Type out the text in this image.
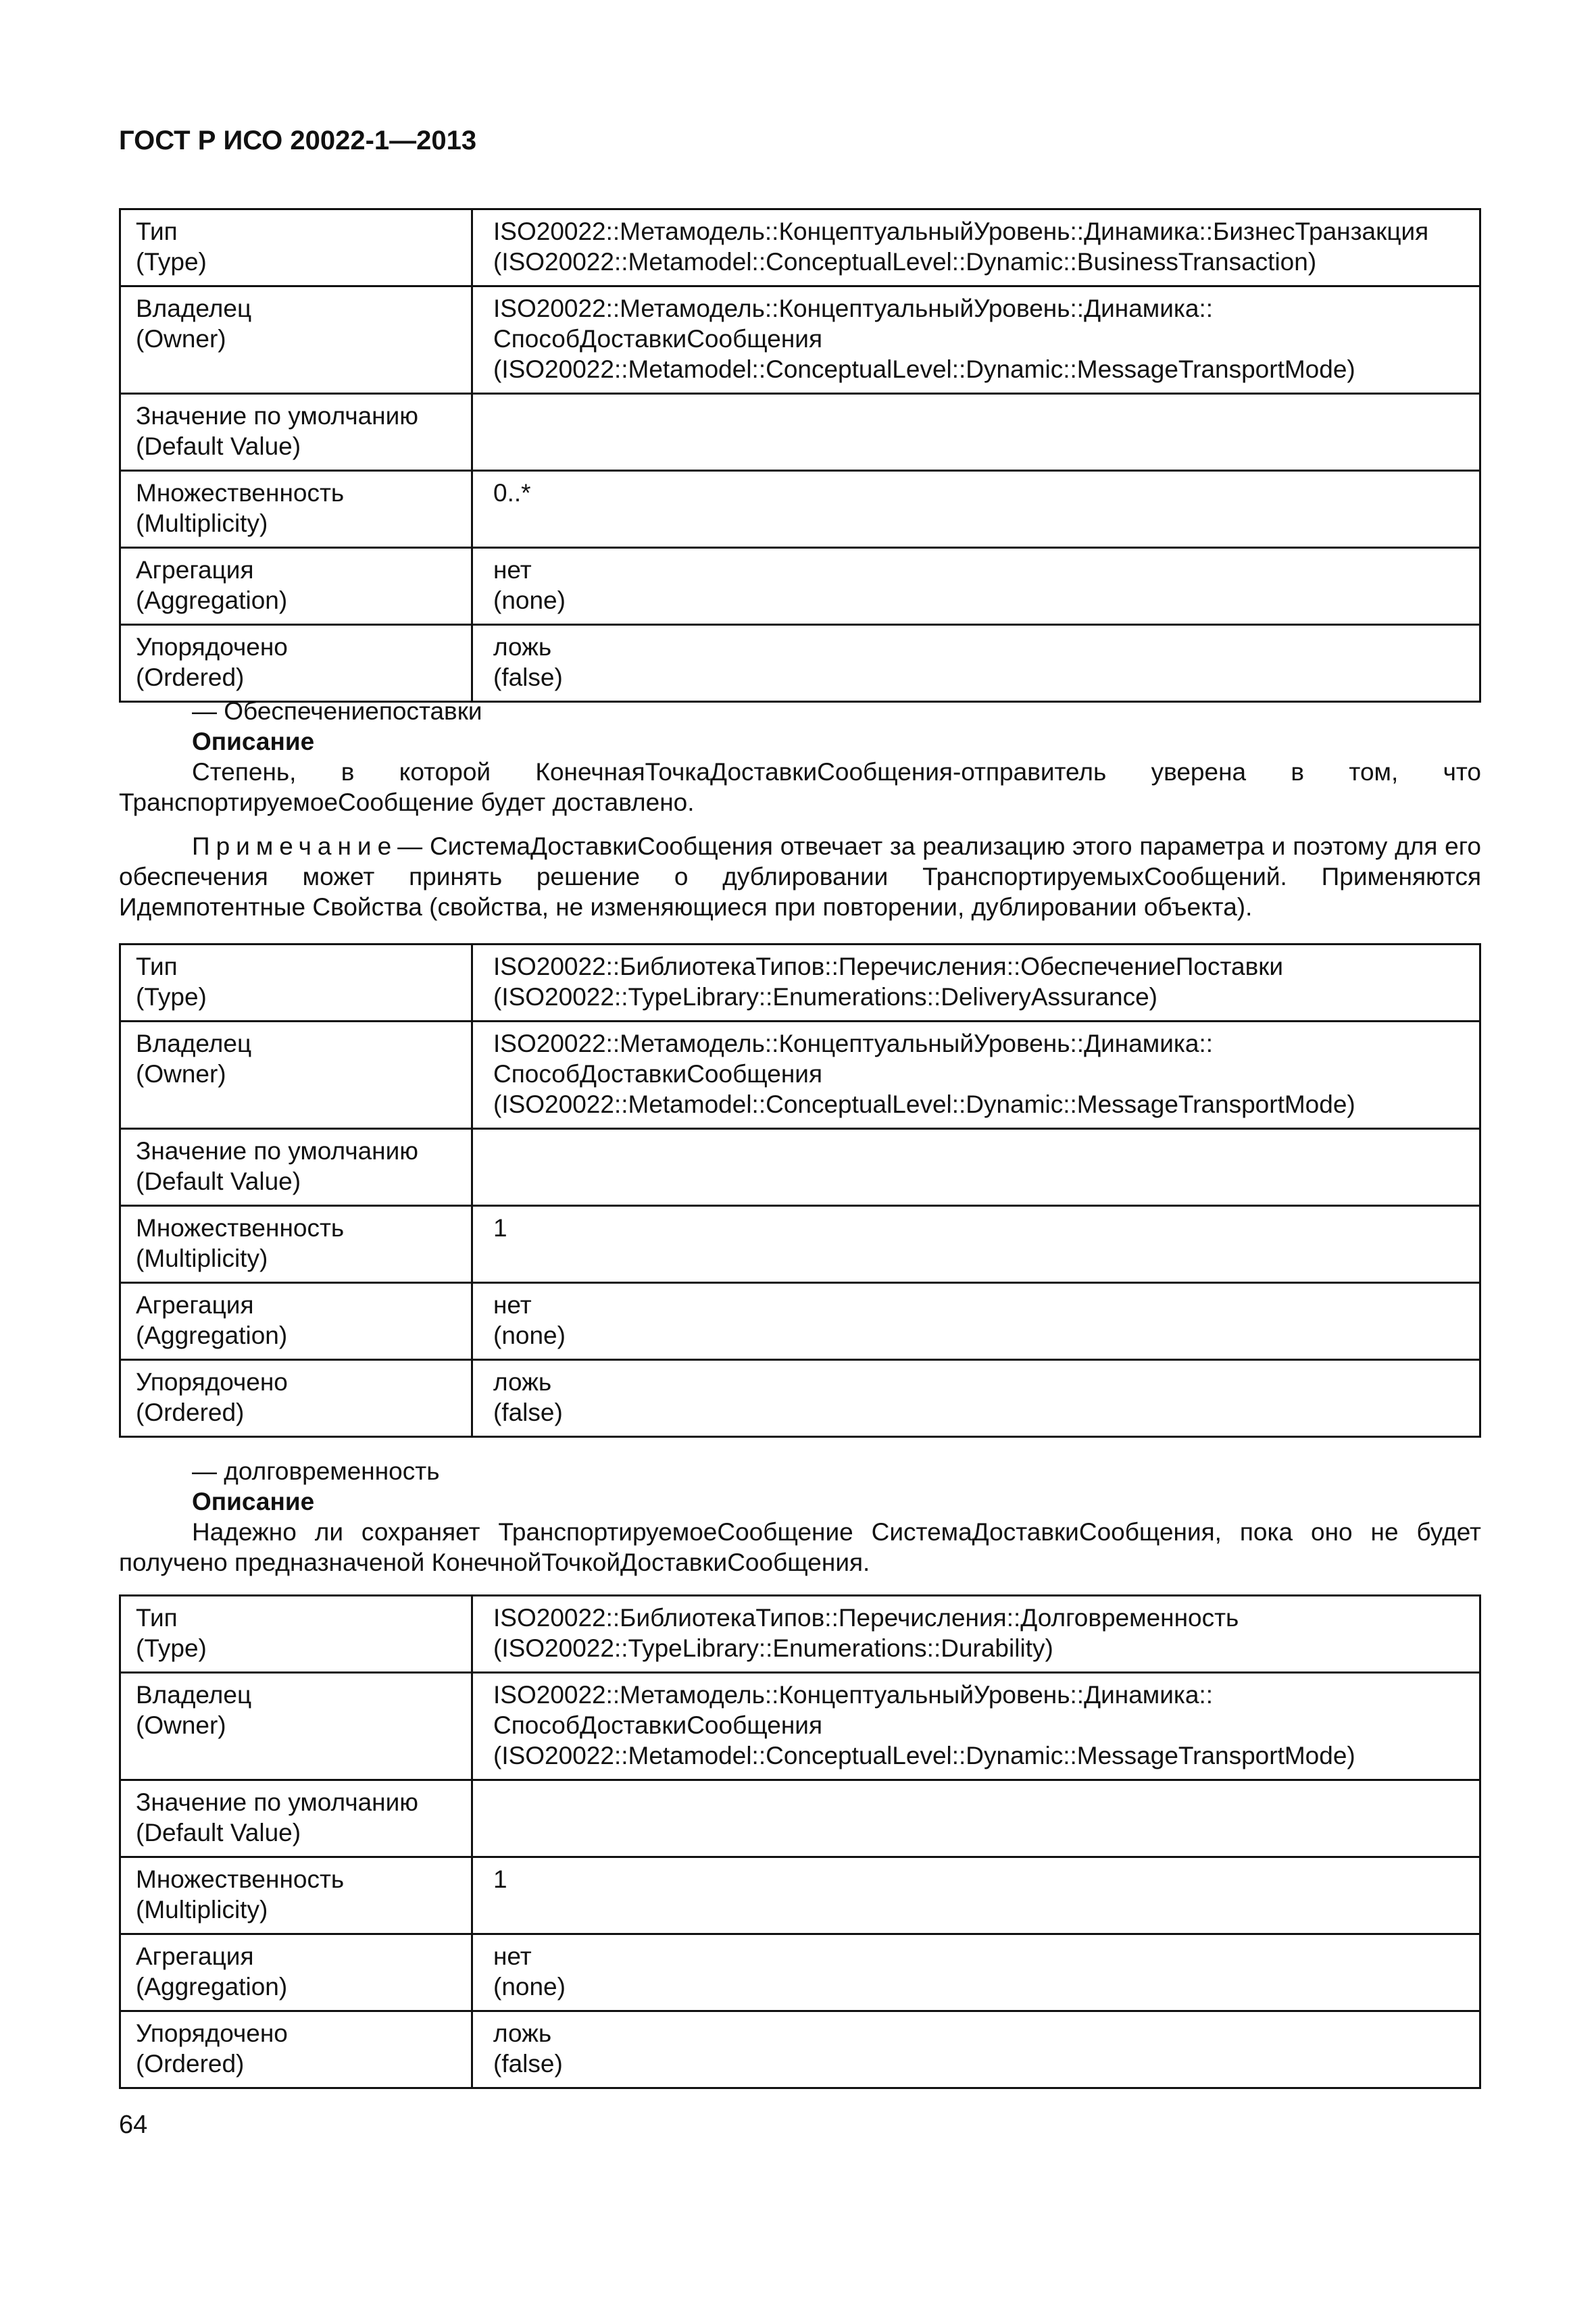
ГОСТ Р ИСО 20022-1—2013
Тип
(Type)	ISO20022::Метамодель::КонцептуальныйУровень::Динамика::БизнесТранзакция
(ISO20022::Metamodel::ConceptualLevel::Dynamic::BusinessTransaction)

Владелец
(Owner)	ISO20022::Метамодель::КонцептуальныйУровень::Динамика::
СпособДоставкиСообщения
(ISO20022::Metamodel::ConceptualLevel::Dynamic::MessageTransportMode)

Значение по умолчанию
(Default Value)	

Множественность
(Multiplicity)	0..*

Агрегация
(Aggregation)	нет
(none)

Упорядочено
(Ordered)	ложь
(false)

— Обеспечениепоставки

Описание

Степень, в которой КонечнаяТочкаДоставкиСообщения-отправитель уверена в том, что ТранспортируемоеСообщение будет доставлено.

Примечание— СистемаДоставкиСообщения отвечает за реализацию этого параметра и поэтому для его обеспечения может принять решение о дублировании ТранспортируемыхСообщений. Применяются Идемпотентные Свойства (свойства, не изменяющиеся при повторении, дублировании объекта).

Тип
(Type)	ISO20022::БиблиотекаТипов::Перечисления::ОбеспечениеПоставки
(ISO20022::TypeLibrary::Enumerations::DeliveryAssurance)

Владелец
(Owner)	ISO20022::Метамодель::КонцептуальныйУровень::Динамика::
СпособДоставкиСообщения
(ISO20022::Metamodel::ConceptualLevel::Dynamic::MessageTransportMode)

Значение по умолчанию
(Default Value)	

Множественность
(Multiplicity)	1

Агрегация
(Aggregation)	нет
(none)

Упорядочено
(Ordered)	ложь
(false)

— долговременность

Описание

Надежно ли сохраняет ТранспортируемоеСообщение СистемаДоставкиСообщения, пока оно не будет получено предназначеной КонечнойТочкойДоставкиСообщения.

Тип
(Type)	ISO20022::БиблиотекаТипов::Перечисления::Долговременность
(ISO20022::TypeLibrary::Enumerations::Durability)

Владелец
(Owner)	ISO20022::Метамодель::КонцептуальныйУровень::Динамика::
СпособДоставкиСообщения
(ISO20022::Metamodel::ConceptualLevel::Dynamic::MessageTransportMode)

Значение по умолчанию
(Default Value)	

Множественность
(Multiplicity)	1

Агрегация
(Aggregation)	нет
(none)

Упорядочено
(Ordered)	ложь
(false)
64
